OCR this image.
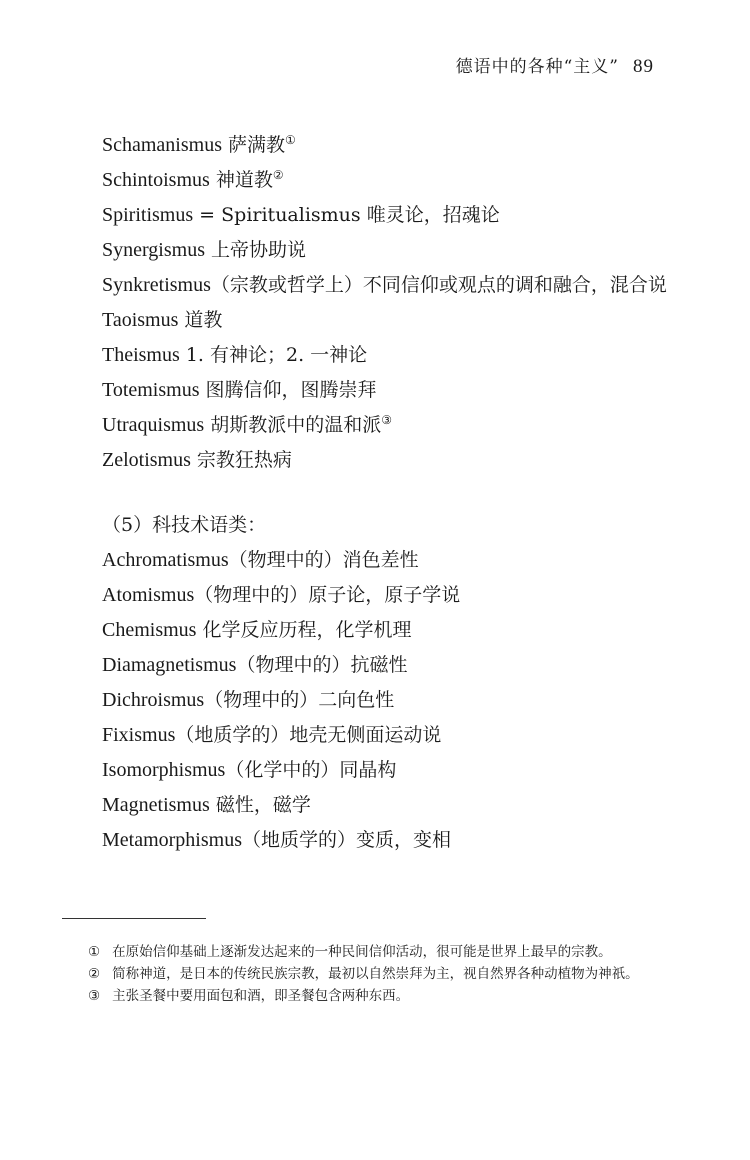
德语中的各种“主义” 89
Schamanismus 萨满教①
Schintoismus 神道教②
Spiritismus = Spiritualismus 唯灵论，招魂论
Synergismus 上帝协助说
Synkretismus（宗教或哲学上）不同信仰或观点的调和融合，混合说
Taoismus 道教
Theismus 1. 有神论；2. 一神论
Totemismus 图腾信仰，图腾崇拜
Utraquismus 胡斯教派中的温和派③
Zelotismus 宗教狂热病
（5）科技术语类：
Achromatismus（物理中的）消色差性
Atomismus（物理中的）原子论，原子学说
Chemismus 化学反应历程，化学机理
Diamagnetismus（物理中的）抗磁性
Dichroismus（物理中的）二向色性
Fixismus（地质学的）地壳无侧面运动说
Isomorphismus（化学中的）同晶构
Magnetismus 磁性，磁学
Metamorphismus（地质学的）变质，变相
① 在原始信仰基础上逐渐发达起来的一种民间信仰活动，很可能是世界上最早的宗教。
② 简称神道，是日本的传统民族宗教，最初以自然崇拜为主，视自然界各种动植物为神祇。
③ 主张圣餐中要用面包和酒，即圣餐包含两种东西。
